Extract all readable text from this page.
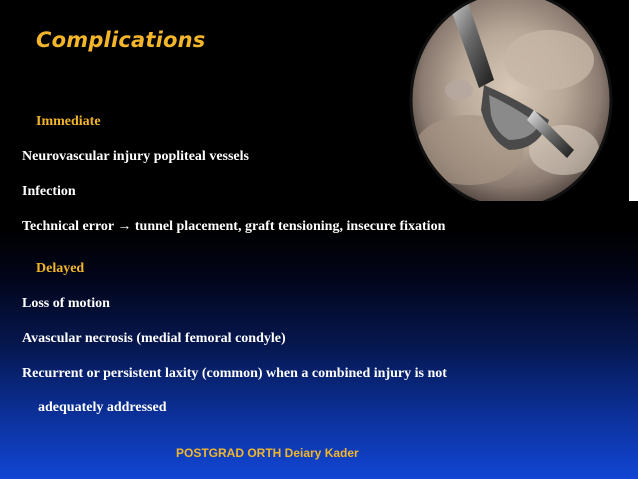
Complications
Immediate
Neurovascular injury popliteal vessels
Infection
Technical error → tunnel placement, graft tensioning, insecure fixation
Delayed
Loss of motion
Avascular necrosis (medial femoral condyle)
Recurrent or persistent laxity (common) when a combined injury is not
adequately addressed
POSTGRAD ORTH Deiary Kader
